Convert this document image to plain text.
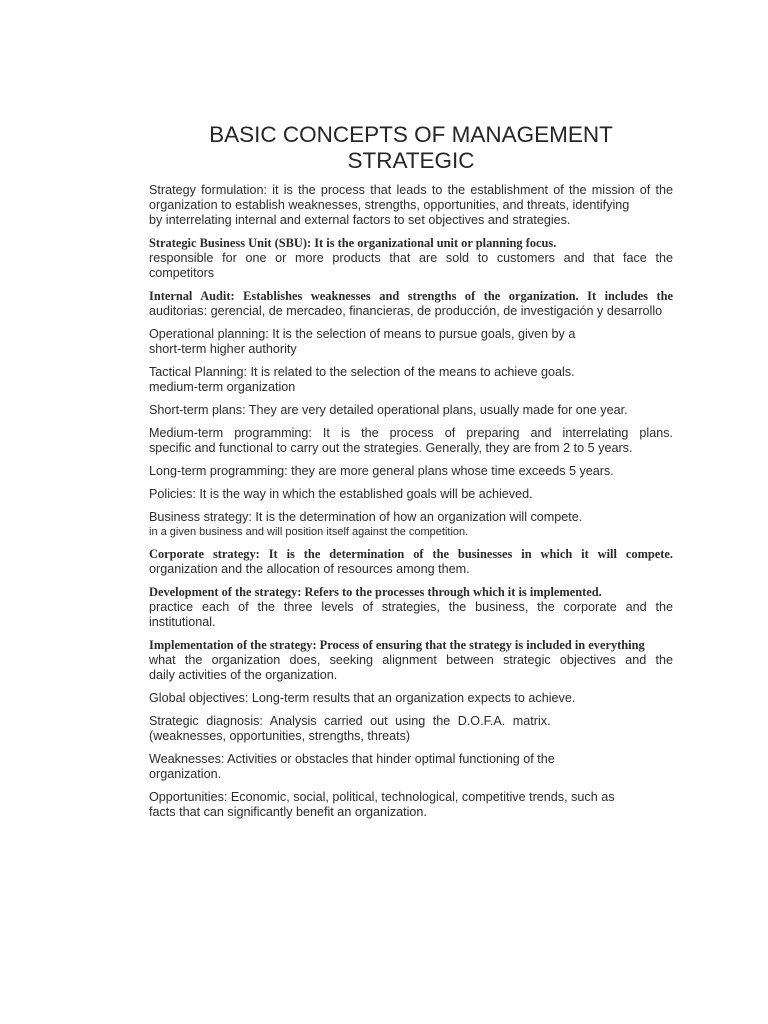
BASIC CONCEPTS OF MANAGEMENT
STRATEGIC
Strategy formulation: it is the process that leads to the establishment of the mission of the
organization to establish weaknesses, strengths, opportunities, and threats, identifying
by interrelating internal and external factors to set objectives and strategies.
Strategic Business Unit (SBU): It is the organizational unit or planning focus.
responsible for one or more products that are sold to customers and that face the
competitors
Internal Audit: Establishes weaknesses and strengths of the organization. It includes the
auditorias: gerencial, de mercadeo, financieras, de producción, de investigación y desarrollo
Operational planning: It is the selection of means to pursue goals, given by a
short-term higher authority
Tactical Planning: It is related to the selection of the means to achieve goals.
medium-term organization
Short-term plans: They are very detailed operational plans, usually made for one year.
Medium-term programming: It is the process of preparing and interrelating plans.
specific and functional to carry out the strategies. Generally, they are from 2 to 5 years.
Long-term programming: they are more general plans whose time exceeds 5 years.
Policies: It is the way in which the established goals will be achieved.
Business strategy: It is the determination of how an organization will compete.
in a given business and will position itself against the competition.
Corporate strategy: It is the determination of the businesses in which it will compete.
organization and the allocation of resources among them.
Development of the strategy: Refers to the processes through which it is implemented.
practice each of the three levels of strategies, the business, the corporate and the
institutional.
Implementation of the strategy: Process of ensuring that the strategy is included in everything
what the organization does, seeking alignment between strategic objectives and the
daily activities of the organization.
Global objectives: Long-term results that an organization expects to achieve.
Strategic diagnosis: Analysis carried out using the D.O.F.A. matrix.
(weaknesses, opportunities, strengths, threats)
Weaknesses: Activities or obstacles that hinder optimal functioning of the
organization.
Opportunities: Economic, social, political, technological, competitive trends, such as
facts that can significantly benefit an organization.
